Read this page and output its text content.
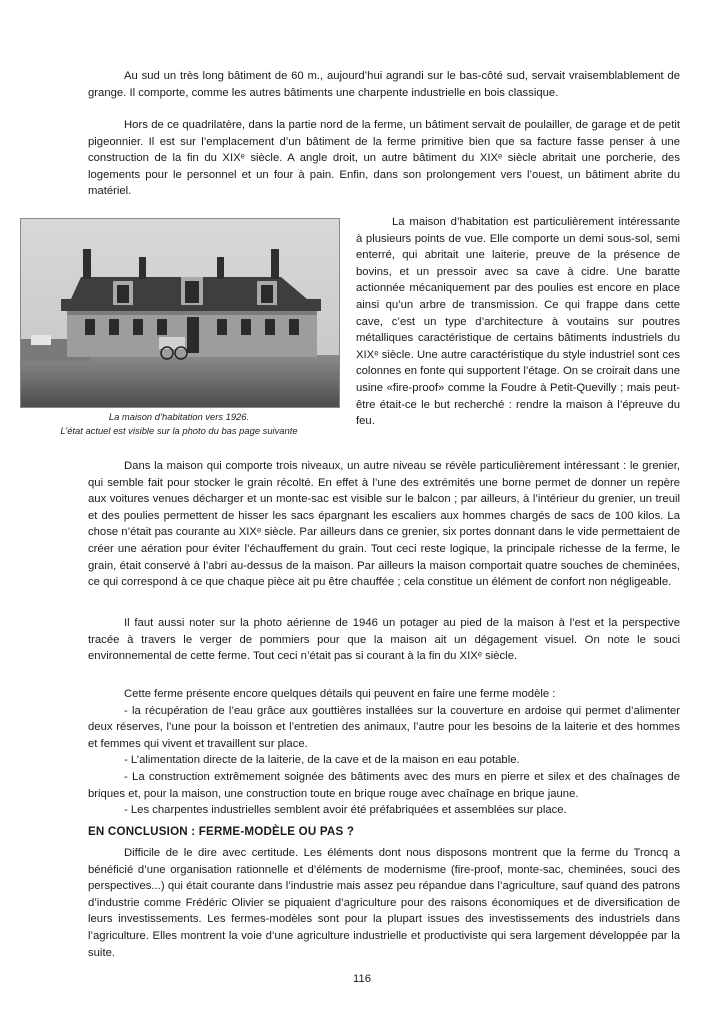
Au sud un très long bâtiment de 60 m., aujourd’hui agrandi sur le bas-côté sud, servait vraisemblablement de grange. Il comporte, comme les autres bâtiments une charpente industrielle en bois classique.

Hors de ce quadrilatère, dans la partie nord de la ferme, un bâtiment servait de poulailler, de garage et de petit pigeonnier. Il est sur l’emplacement d’un bâtiment de la ferme primitive bien que sa facture fasse penser à une construction de la fin du XIXᵉ siècle. A angle droit, un autre bâtiment du XIXᵉ siècle abritait une porcherie, des logements pour le personnel et un four à pain. Enfin, dans son prolongement vers l’ouest, un bâtiment abrite du matériel.

La maison d’habitation vers 1926.
L’état actuel est visible sur la photo du bas page suivante

La maison d’habitation est particulièrement intéressante à plusieurs points de vue. Elle comporte un demi sous-sol, semi enterré, qui abritait une laiterie, preuve de la présence de bovins, et un pressoir avec sa cave à cidre. Une baratte actionnée mécaniquement par des poulies est encore en place ainsi qu’un arbre de transmission. Ce qui frappe dans cette cave, c’est un type d’architecture à voutains sur poutres métalliques caractéristique de certains bâtiments industriels du XIXᵉ siècle. Une autre caractéristique du style industriel sont ces colonnes en fonte qui supportent l’étage. On se croirait dans une usine «fire-proof» comme la Foudre à Petit-Quevilly ; mais peut-être était-ce le but recherché : rendre la maison à l’épreuve du feu.

Dans la maison qui comporte trois niveaux, un autre niveau se révèle particulièrement intéressant : le grenier, qui semble fait pour stocker le grain récolté. En effet à l’une des extrémités une borne permet de donner un repère aux voitures venues décharger et un monte-sac est visible sur le balcon ; par ailleurs, à l’intérieur du grenier, un treuil et des poulies permettent de hisser les sacs épargnant les escaliers aux hommes chargés de sacs de 100 kilos. La chose n’était pas courante au XIXᵉ siècle. Par ailleurs dans ce grenier, six portes donnant dans le vide permettaient de créer une aération pour éviter l’échauffement du grain. Tout ceci reste logique, la principale richesse de la ferme, le grain, était conservé à l’abri au-dessus de la maison. Par ailleurs la maison comportait quatre souches de cheminées, ce qui correspond à ce que chaque pièce ait pu être chauffée ; cela constitue un élément de confort non négligeable.

Il faut aussi noter sur la photo aérienne de 1946 un potager au pied de la maison à l’est et la perspective tracée à travers le verger de pommiers pour que la maison ait un dégagement visuel. On note le souci environnemental de cette ferme. Tout ceci n’était pas si courant à la fin du XIXᵉ siècle.

Cette ferme présente encore quelques détails qui peuvent en faire une ferme modèle :
- la récupération de l’eau grâce aux gouttières installées sur la couverture en ardoise qui permet d’alimenter deux réserves, l’une pour la boisson et l’entretien des animaux, l’autre pour les besoins de la laiterie et des hommes et femmes qui vivent et travaillent sur place.
- L’alimentation directe de la laiterie, de la cave et de la maison en eau potable.
- La construction extrêmement soignée des bâtiments avec des murs en pierre et silex et des chaînages de briques et, pour la maison, une construction toute en brique rouge avec chaînage en brique jaune.
- Les charpentes industrielles semblent avoir été préfabriquées et assemblées sur place.
EN CONCLUSION : FERME-MODÈLE OU PAS ?

Difficile de le dire avec certitude. Les éléments dont nous disposons montrent que la ferme du Troncq a bénéficié d’une organisation rationnelle et d’éléments de modernisme (fire-proof, monte-sac, cheminées, souci des perspectives...) qui était courante dans l’industrie mais assez peu répandue dans l’agriculture, sauf quand des patrons d’industrie comme Frédéric Olivier se piquaient d’agriculture pour des raisons économiques et de diversification de leurs investissements. Les fermes-modèles sont pour la plupart issues des investissements des industriels dans l’agriculture. Elles montrent la voie d’une agriculture industrielle et productiviste qui sera largement développée par la suite.

116
